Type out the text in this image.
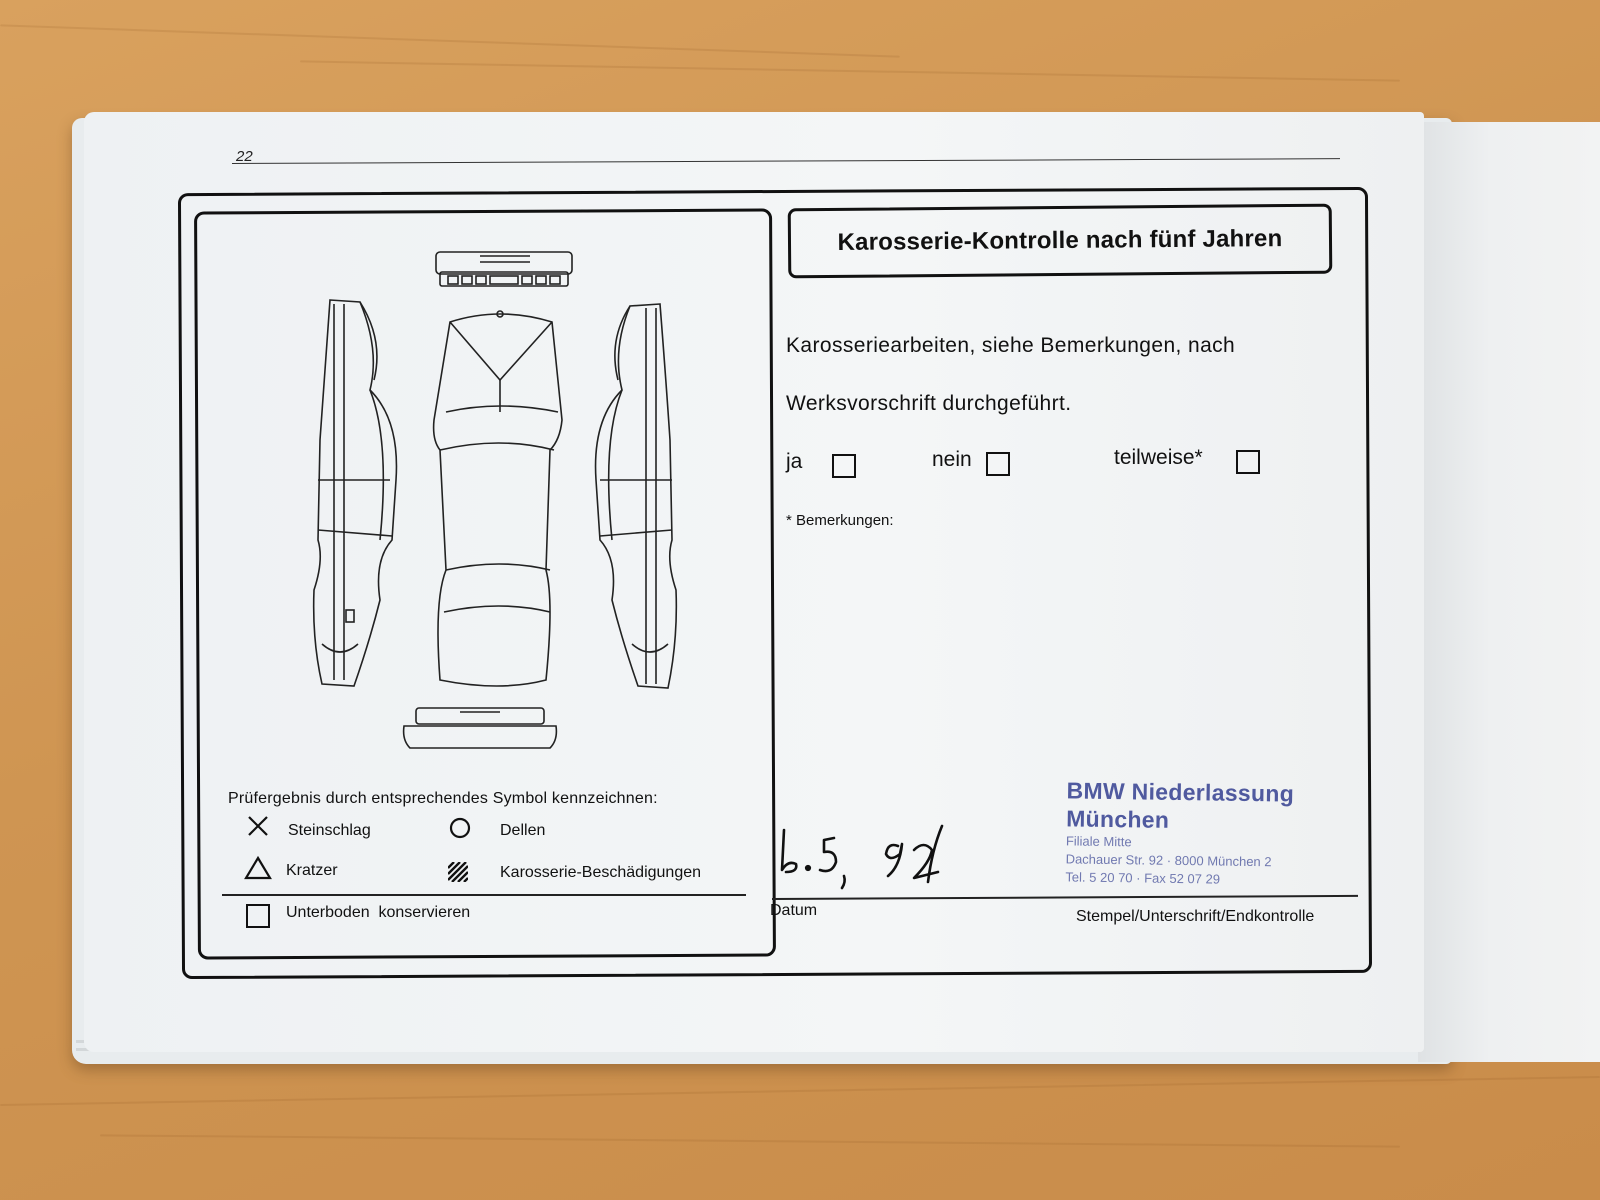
22
Karosserie-Kontrolle nach fünf Jahren
Karosseriearbeiten, siehe Bemerkungen, nach
Werksvorschrift durchgeführt.
ja	nein	teilweise*
* Bemerkungen:
Prüfergebnis durch entsprechendes Symbol kennzeichnen:
Steinschlag	Dellen
Kratzer	Karosserie-Beschädigungen
Unterboden  konservieren	Datum	Stempel/Unterschrift/Endkontrolle
BMW Niederlassung
München
Filiale Mitte
Dachauer Str. 92 · 8000 München 2
Tel. 5 20 70 · Fax 52 07 29
